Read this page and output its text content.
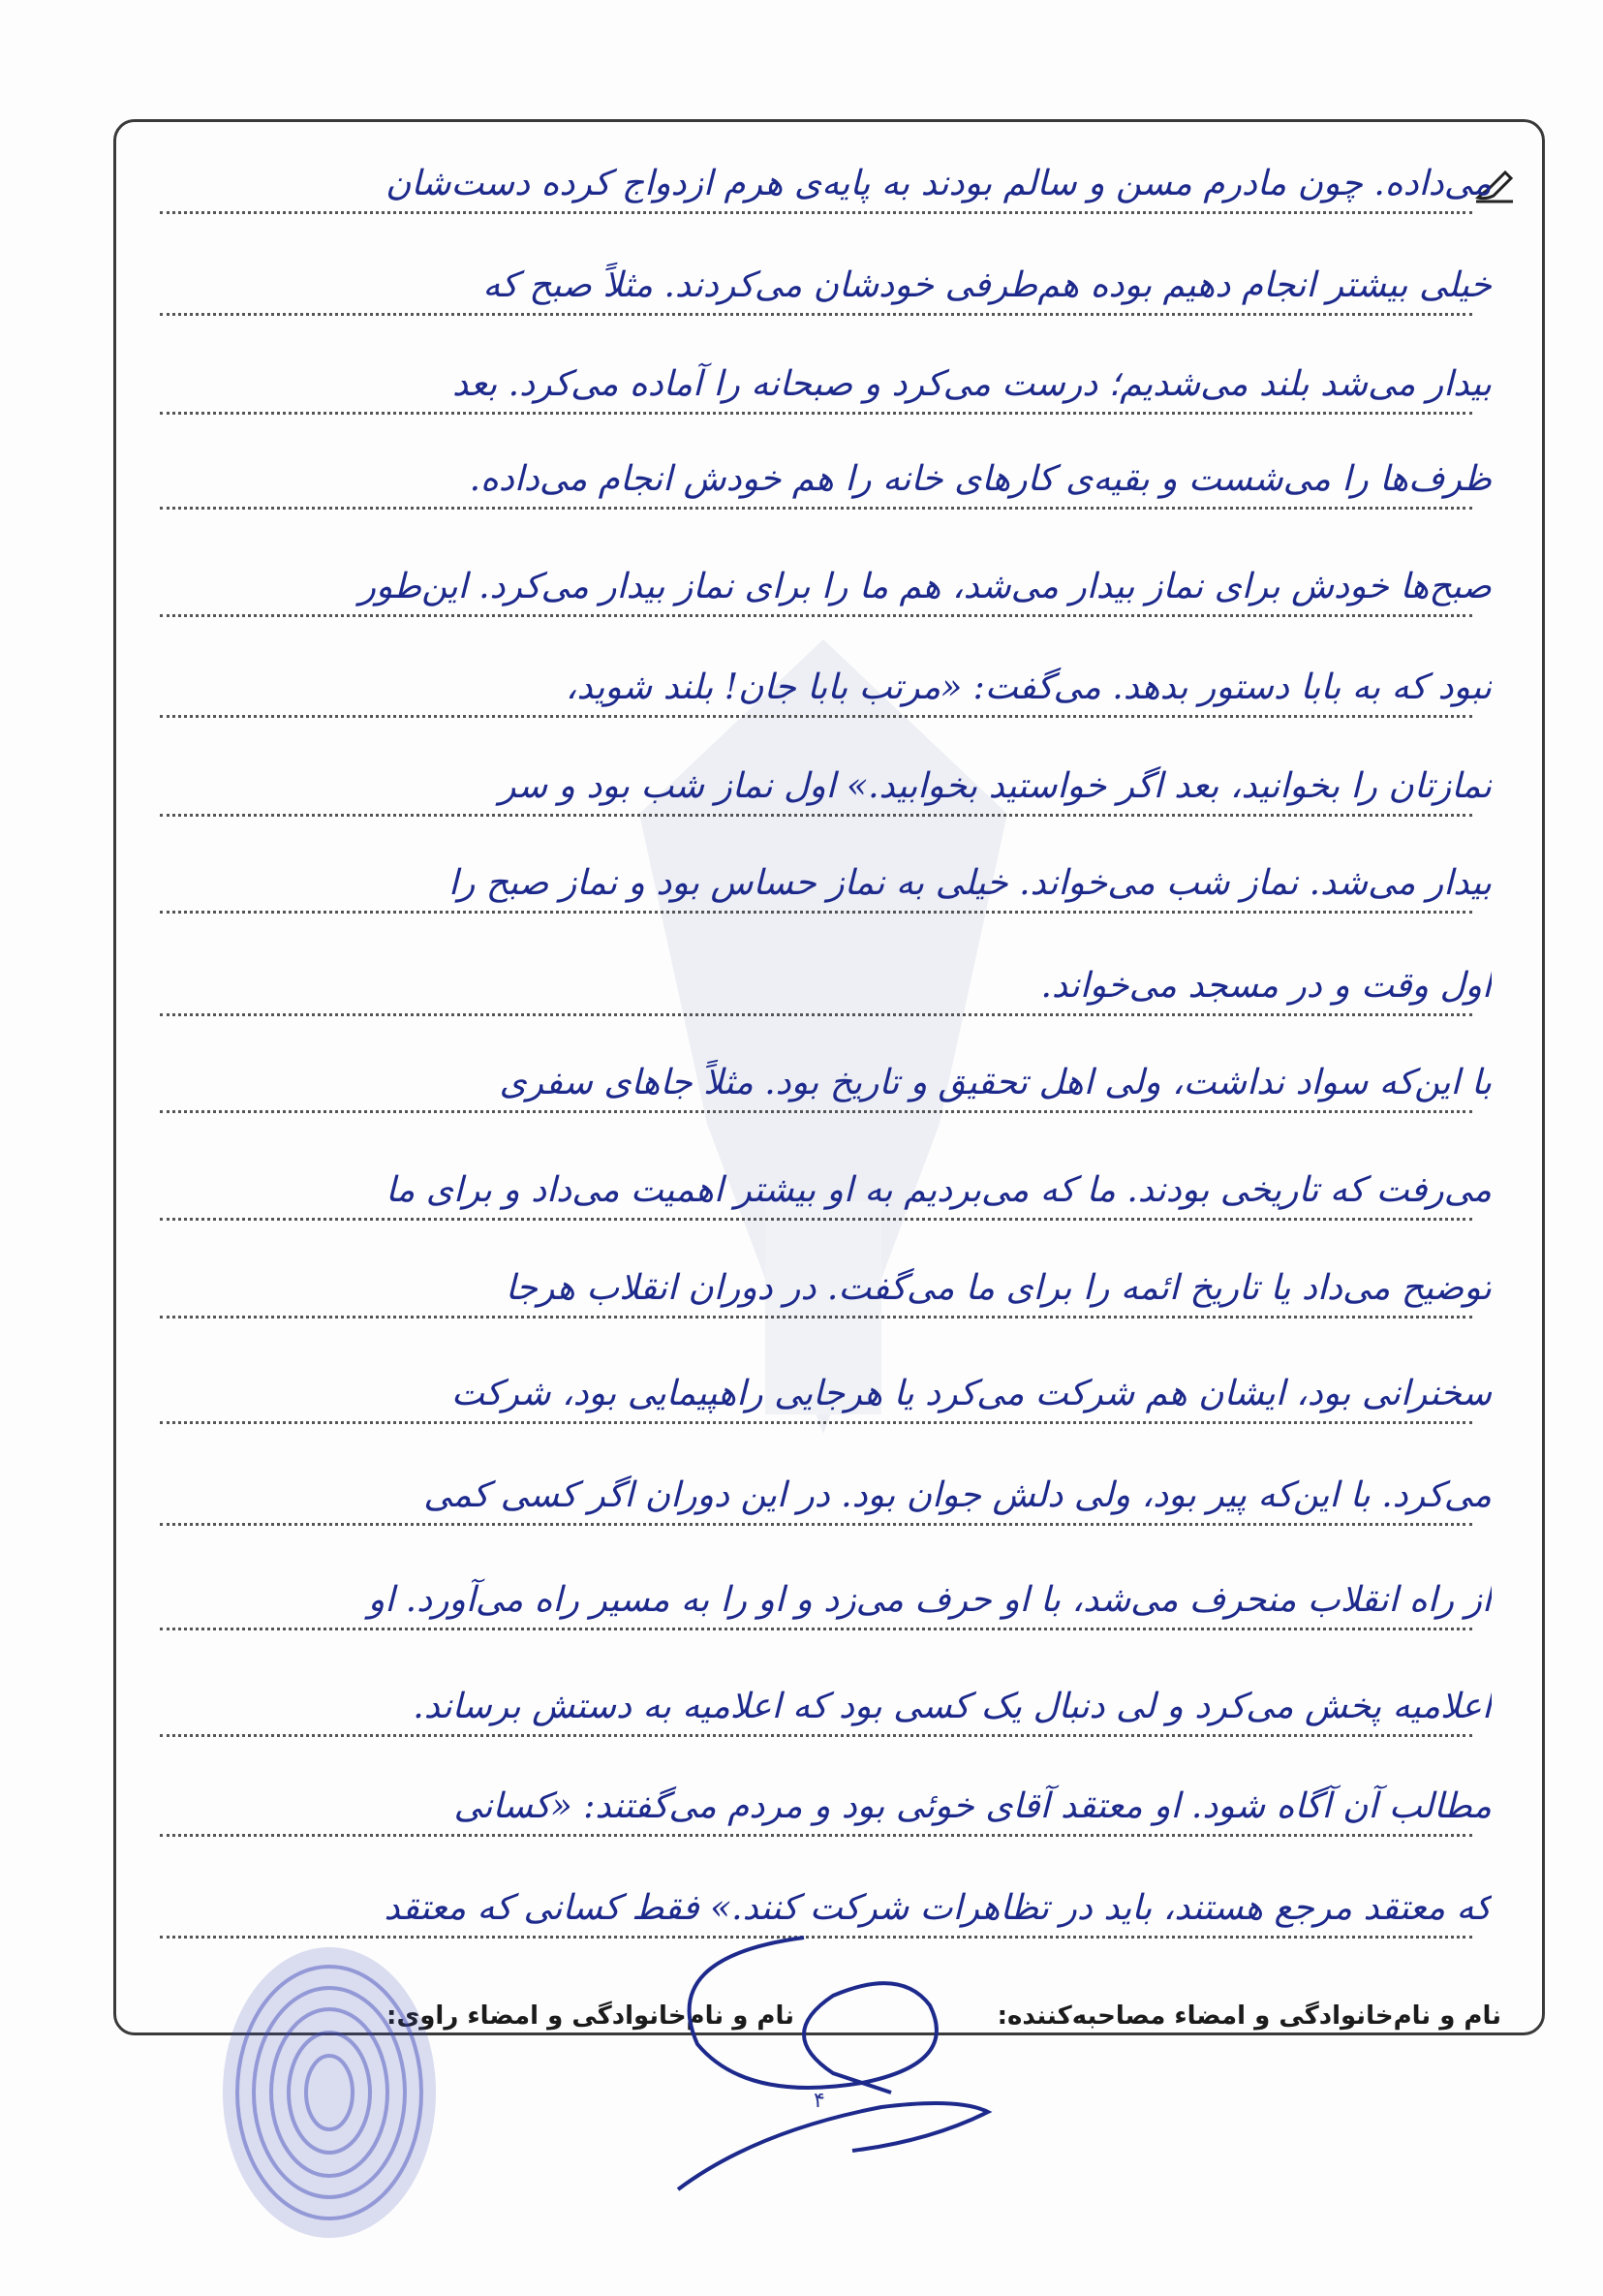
می‌داده. چون مادرم مسن و سالم بودند به پایه‌ی هرم ازدواج کرده دست‌شان
خیلی بیشتر انجام دهیم بوده هم‌طرفی خودشان می‌کردند. مثلاً صبح که
بیدار می‌شد بلند می‌شدیم؛ درست می‌کرد و صبحانه را آماده می‌کرد. بعد
ظرف‌ها را می‌شست و بقیه‌ی کارهای خانه را هم خودش انجام می‌داده.
صبح‌ها خودش برای نماز بیدار می‌شد، هم ما را برای نماز بیدار می‌کرد. این‌طور
نبود که به بابا دستور بدهد. می‌گفت: «مرتب بابا جان! بلند شوید،
نمازتان را بخوانید، بعد اگر خواستید بخوابید.» اول نماز شب بود و سر
بیدار می‌شد. نماز شب می‌خواند. خیلی به نماز حساس بود و نماز صبح را
اول وقت و در مسجد می‌خواند.
با این‌که سواد نداشت، ولی اهل تحقیق و تاریخ بود. مثلاً جاهای سفری
می‌رفت که تاریخی بودند. ما که می‌بردیم به او بیشتر اهمیت می‌داد و برای ما
توضیح می‌داد یا تاریخ ائمه را برای ما می‌گفت. در دوران انقلاب هرجا
سخنرانی بود، ایشان هم شرکت می‌کرد یا هرجایی راهپیمایی بود، شرکت
می‌کرد. با این‌که پیر بود، ولی دلش جوان بود. در این دوران اگر کسی کمی
از راه انقلاب منحرف می‌شد، با او حرف می‌زد و او را به مسیر راه می‌آورد. او
اعلامیه پخش می‌کرد و لی دنبال یک کسی بود که اعلامیه به دستش برساند.
مطالب آن آگاه شود. او معتقد آقای خوئی بود و مردم می‌گفتند: «کسانی
که معتقد مرجع هستند، باید در تظاهرات شرکت کنند.» فقط کسانی که معتقد
نام و نام‌خانوادگی و امضاء مصاحبه‌کننده:
نام و نام‌خانوادگی و امضاء راوی:
۴
